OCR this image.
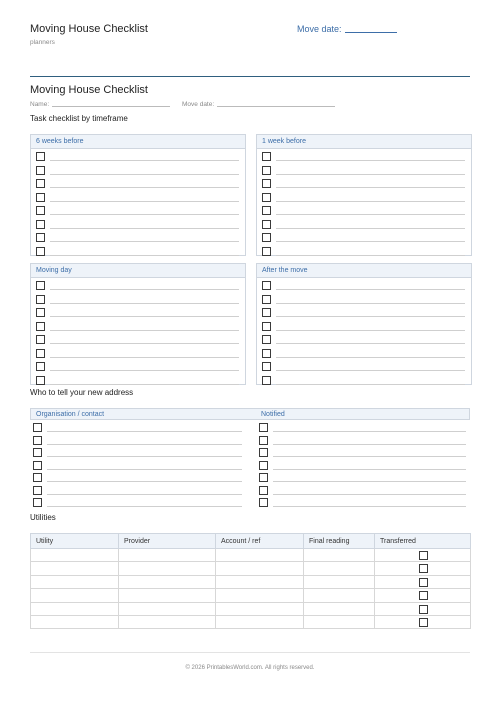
Moving House Checklist
planners
Move date:
Moving House Checklist
Name:	Move date:
Task checklist by timeframe
6 weeks before	1 week before
Moving day	After the move
Who to tell your new address
Organisation / contact	Notified
Utilities
Utility	Provider	Account / ref	Final reading	Transferred

© 2026 PrintablesWorld.com. All rights reserved.
